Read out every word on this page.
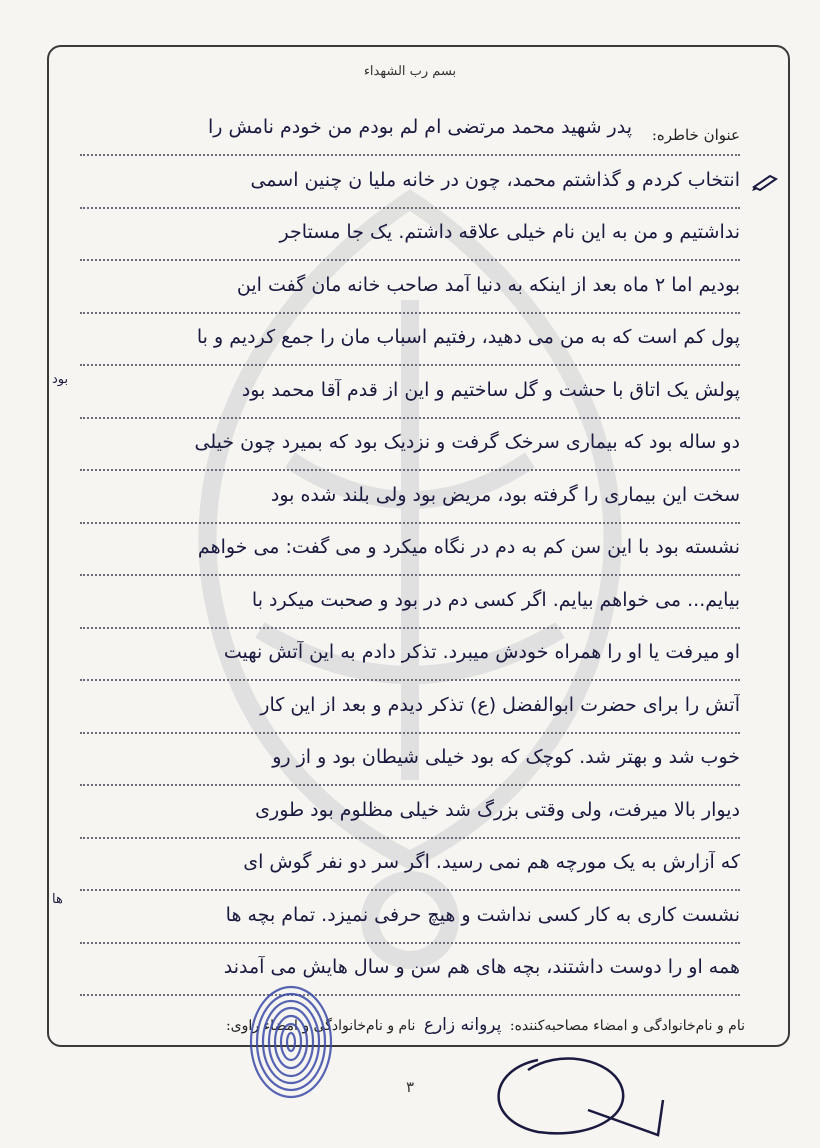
بسم رب الشهداء
عنوان خاطره:
پدر شهید محمد مرتضی ام لم بودم من خودم نامش را
انتخاب کردم و گذاشتم محمد، چون در خانه ملیا ن چنین اسمی
نداشتیم و من به این نام خیلی علاقه داشتم. یک جا مستاجر
بودیم اما ۲ ماه بعد از اینکه به دنیا آمد صاحب خانه مان گفت این
پول کم است که به من می دهید، رفتیم اسباب مان را جمع کردیم و با
پولش یک اتاق با حشت و گل ساختیم و این از قدم آقا محمد بود
دو ساله بود که بیماری سرخک گرفت و نزدیک بود که بمیرد چون خیلی
سخت این بیماری را گرفته بود، مریض بود ولی بلند شده بود
نشسته بود با این سن کم به دم در نگاه میکرد و می گفت: می خواهم
بیایم... می خواهم بیایم. اگر کسی دم در بود و صحبت میکرد با
او میرفت یا او را همراه خودش میبرد. تذکر دادم به این آتش نهیت
آتش را برای حضرت ابوالفضل (ع) تذکر دیدم و بعد از این کار
خوب شد و بهتر شد. کوچک که بود خیلی شیطان بود و از رو
دیوار بالا میرفت، ولی وقتی بزرگ شد خیلی مظلوم بود طوری
که آزارش به یک مورچه هم نمی رسید. اگر سر دو نفر گوش ای
نشست کاری به کار کسی نداشت و هیچ حرفی نمیزد. تمام بچه ها
همه او را دوست داشتند، بچه های هم سن و سال هایش می آمدند
بود
ها
نام و نام‌خانوادگی و امضاء مصاحبه‌کننده: پروانه زارع نام و نام‌خانوادگی و امضاء راوی:
۳
